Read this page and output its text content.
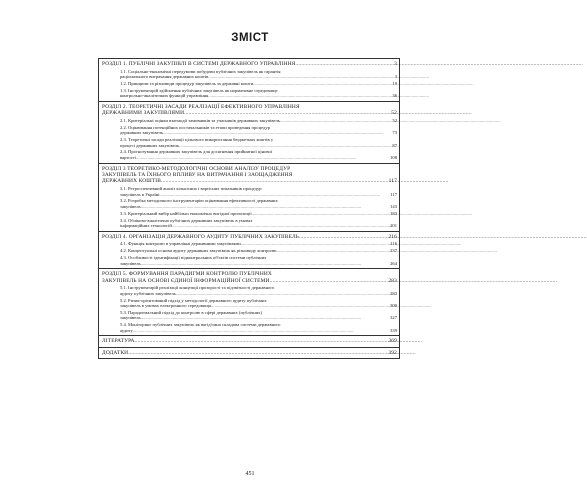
ЗМІСТ
РОЗДІЛ 1. ПУБЛІЧНІ ЗАКУПІВЛІ В СИСТЕМІ ДЕРЖАВНОГО УПРАВЛІННЯ .....	3
1.1. Соціально-економічні передумови побудови публічних закупівель як гарантія
раціонального витрачання державних коштів .....	3
1.2. Принципи та різновиди процедур закупівель за державні кошти .....	19
1.3. Інструментарій здійснення публічних закупівель як нормативне середовище
контрольно-аналітичних функцій управління .....	36
РОЗДІЛ 2. ТЕОРЕТИЧНІ ЗАСАДИ РЕАЛІЗАЦІЇ ЕФЕКТИВНОГО УПРАВЛІННЯ
ДЕРЖАВНИМИ ЗАКУПІВЛЯМИ .....	52
2.1. Критеріальні оцінки взаємодії замовників та учасників державних закупівель .....	52
2.2. Оцінювання потенційних постачальників та етапи проведення процедур
державних закупівель .....	73
2.3. Теоретичні засади реалізації цільового використання бюджетних коштів у
процесі державних закупівель .....	87
2.4. Прогнозування державних закупівель для досягнення прийнятної цінової
вартості .....	108
РОЗДІЛ 3 ТЕОРЕТИКО-МЕТОДОЛОГІЧНІ ОСНОВИ АНАЛІЗУ ПРОЦЕДУР
ЗАКУПІВЕЛЬ ТА ЇХНЬОГО ВПЛИВУ НА ВИТРАЧАННЯ І ЗАОЩАДЖЕННЯ
ДЕРЖАВНИХ КОШТІВ .....	117
3.1. Ретроспективний аналіз кількісних і вартісних показників процедур
закупівель в Україні .....	117
3.2. Розробка методичного інструментарію оцінювання ефективності державних
закупівель .....	143
3.3. Критеріальний вибір найбільш економічно вигідної пропозиції .....	183
3.4. Обліково-аналітична публічних державних закупівель в умовах
інформаційних технологій .....	201
РОЗДІЛ 4. ОРГАНІЗАЦІЯ ДЕРЖАВНОГО АУДИТУ ПУБЛІЧНИХ ЗАКУПІВЕЛЬ .....	216
4.1. Функція контролю в управлінні державними закупівлями .....	216
4.2. Концептуальні основи аудиту державних закупівель як різновиду контролю .....	237
4.3. Особливості ідентифікації підконтрольних об'єктів системи публічних
закупівель .....	264
РОЗДІЛ 5. ФОРМУВАННЯ ПАРАДИГМИ КОНТРОЛЮ ПУБЛІЧНИХ
ЗАКУПІВЕЛЬ НА ОСНОВІ ЄДИНОЇ ІНФОРМАЦІЙНОЇ СИСТЕМИ .....	283
5.1. Інструментарій реалізації концепції прозорості та підзвітності державного
аудиту публічних закупівель .....	283
5.2. Ризик-орієнтований підхід у методології державного аудиту публічних
закупівель в умовах електронного середовища .....	300
5.3. Парадигмальний підхід до контролю в сфері державних (публічних)
закупівель .....	327
5.4. Моніторинг публічних закупівель як вагід'ємна складова системи державного
аудиту .....	339
ЛІТЕРАТУРА .....	369
ДОДАТКИ .....	392
451
